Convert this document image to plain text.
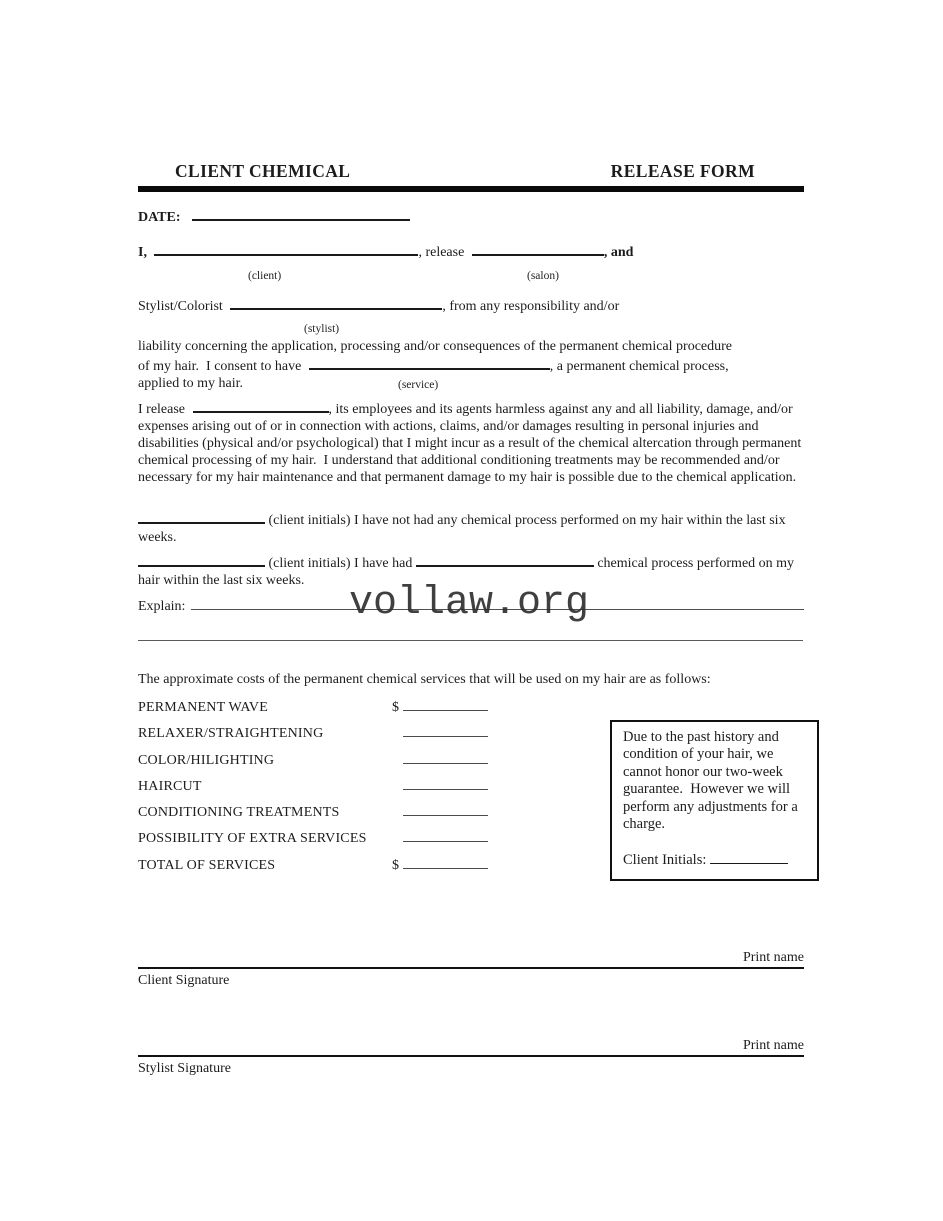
CLIENT CHEMICAL	RELEASE FORM
DATE:
I,	, release	, and
(client)	(salon)
Stylist/Colorist	, from any responsibility and/or
(stylist)
liability concerning the application, processing and/or consequences of the permanent chemical procedure
of my hair.  I consent to have	, a permanent chemical process,
applied to my hair.	(service)
I release	, its employees and its agents harmless against any and all liability, damage, and/or expenses arising out of or in connection with actions, claims, and/or damages resulting in personal injuries and disabilities (physical and/or psychological) that I might incur as a result of the chemical altercation through permanent chemical processing of my hair.  I understand that additional conditioning treatments may be recommended and/or necessary for my hair maintenance and that permanent damage to my hair is possible due to the chemical application.
(client initials) I have not had any chemical process performed on my hair within the last six weeks.
(client initials) I have had	chemical process performed on my hair within the last six weeks.
Explain:	vollaw.org
The approximate costs of the permanent chemical services that will be used on my hair are as follows:
PERMANENT WAVE	$
RELAXER/STRAIGHTENING
COLOR/HILIGHTING
HAIRCUT
CONDITIONING TREATMENTS
POSSIBILITY OF EXTRA SERVICES
TOTAL OF SERVICES	$
Due to the past history and condition of your hair, we cannot honor our two-week guarantee.  However we will perform any adjustments for a charge.
Client Initials:
Print name
Client Signature
Print name
Stylist Signature
